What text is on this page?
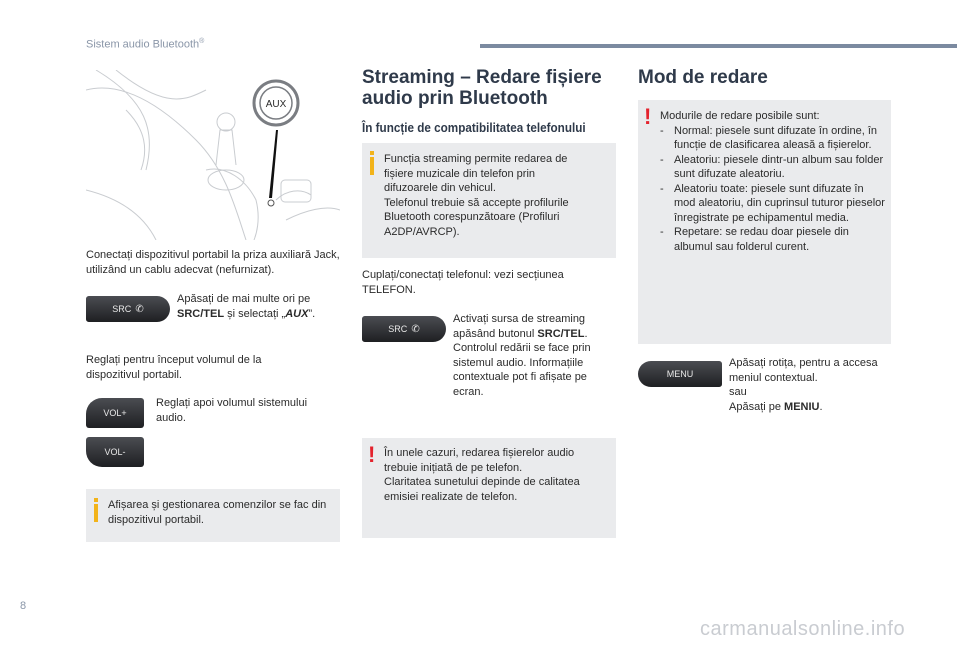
Sistem audio Bluetooth®
AUX
Conectați dispozitivul portabil la priza auxiliară Jack, utilizând un cablu adecvat (nefurnizat).
SRC ✆
Apăsați de mai multe ori pe
SRC/TEL și selectați „AUX”.
Reglați pentru început volumul de la dispozitivul portabil.
VOL+
VOL-
Reglați apoi volumul sistemului audio.
Afișarea și gestionarea comenzilor se fac din dispozitivul portabil.
Streaming – Redare fișiere audio prin Bluetooth
În funcție de compatibilitatea telefonului
Funcția streaming permite redarea de fișiere muzicale din telefon prin difuzoarele din vehicul.
Telefonul trebuie să accepte profilurile Bluetooth corespunzătoare (Profiluri A2DP/AVRCP).
Cuplați/conectați telefonul: vezi secțiunea TELEFON.
SRC ✆
Activați sursa de streaming apăsând butonul SRC/TEL. Controlul redării se face prin sistemul audio. Informațiile contextuale pot fi afișate pe ecran.
! În unele cazuri, redarea fișierelor audio trebuie inițiată de pe telefon.
Claritatea sunetului depinde de calitatea emisiei realizate de telefon.
Mod de redare
! Modurile de redare posibile sunt:
- Normal: piesele sunt difuzate în ordine, în funcție de clasificarea aleasă a fișierelor.
- Aleatoriu: piesele dintr-un album sau folder sunt difuzate aleatoriu.
- Aleatoriu toate: piesele sunt difuzate în mod aleatoriu, din cuprinsul tuturor pieselor înregistrate pe echipamentul media.
- Repetare: se redau doar piesele din albumul sau folderul curent.
MENU
Apăsați rotița, pentru a accesa meniul contextual.
sau
Apăsați pe MENIU.
8
carmanualsonline.info
